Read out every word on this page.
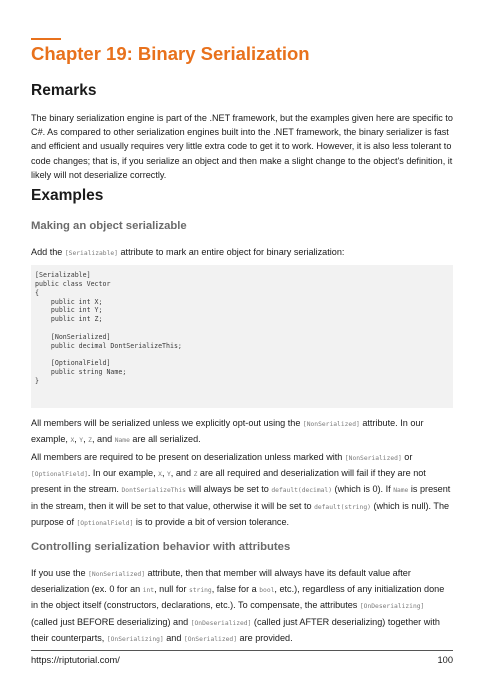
Chapter 19: Binary Serialization
Remarks

The binary serialization engine is part of the .NET framework, but the examples given here are specific to C#. As compared to other serialization engines built into the .NET framework, the binary serializer is fast and efficient and usually requires very little extra code to get it to work. However, it is also less tolerant to code changes; that is, if you serialize an object and then make a slight change to the object's definition, it likely will not deserialize correctly.

Examples
Making an object serializable

Add the [Serializable] attribute to mark an entire object for binary serialization:

[Serializable]
public class Vector
{
public int X;
public int Y;
public int Z;
[NonSerialized]
public decimal DontSerializeThis;
[OptionalField]
public string Name;
}

All members will be serialized unless we explicitly opt-out using the [NonSerialized] attribute. In our example, X, Y, Z, and Name are all serialized.

All members are required to be present on deserialization unless marked with [NonSerialized] or [OptionalField]. In our example, X, Y, and Z are all required and deserialization will fail if they are not present in the stream. DontSerializeThis will always be set to default(decimal) (which is 0). If Name is present in the stream, then it will be set to that value, otherwise it will be set to default(string) (which is null). The purpose of [OptionalField] is to provide a bit of version tolerance.

Controlling serialization behavior with attributes

If you use the [NonSerialized] attribute, then that member will always have its default value after deserialization (ex. 0 for an int, null for string, false for a bool, etc.), regardless of any initialization done in the object itself (constructors, declarations, etc.). To compensate, the attributes [OnDeserializing] (called just BEFORE deserializing) and [OnDeserialized] (called just AFTER deserializing) together with their counterparts, [OnSerializing] and [OnSerialized] are provided.

https://riptutorial.com/	100
